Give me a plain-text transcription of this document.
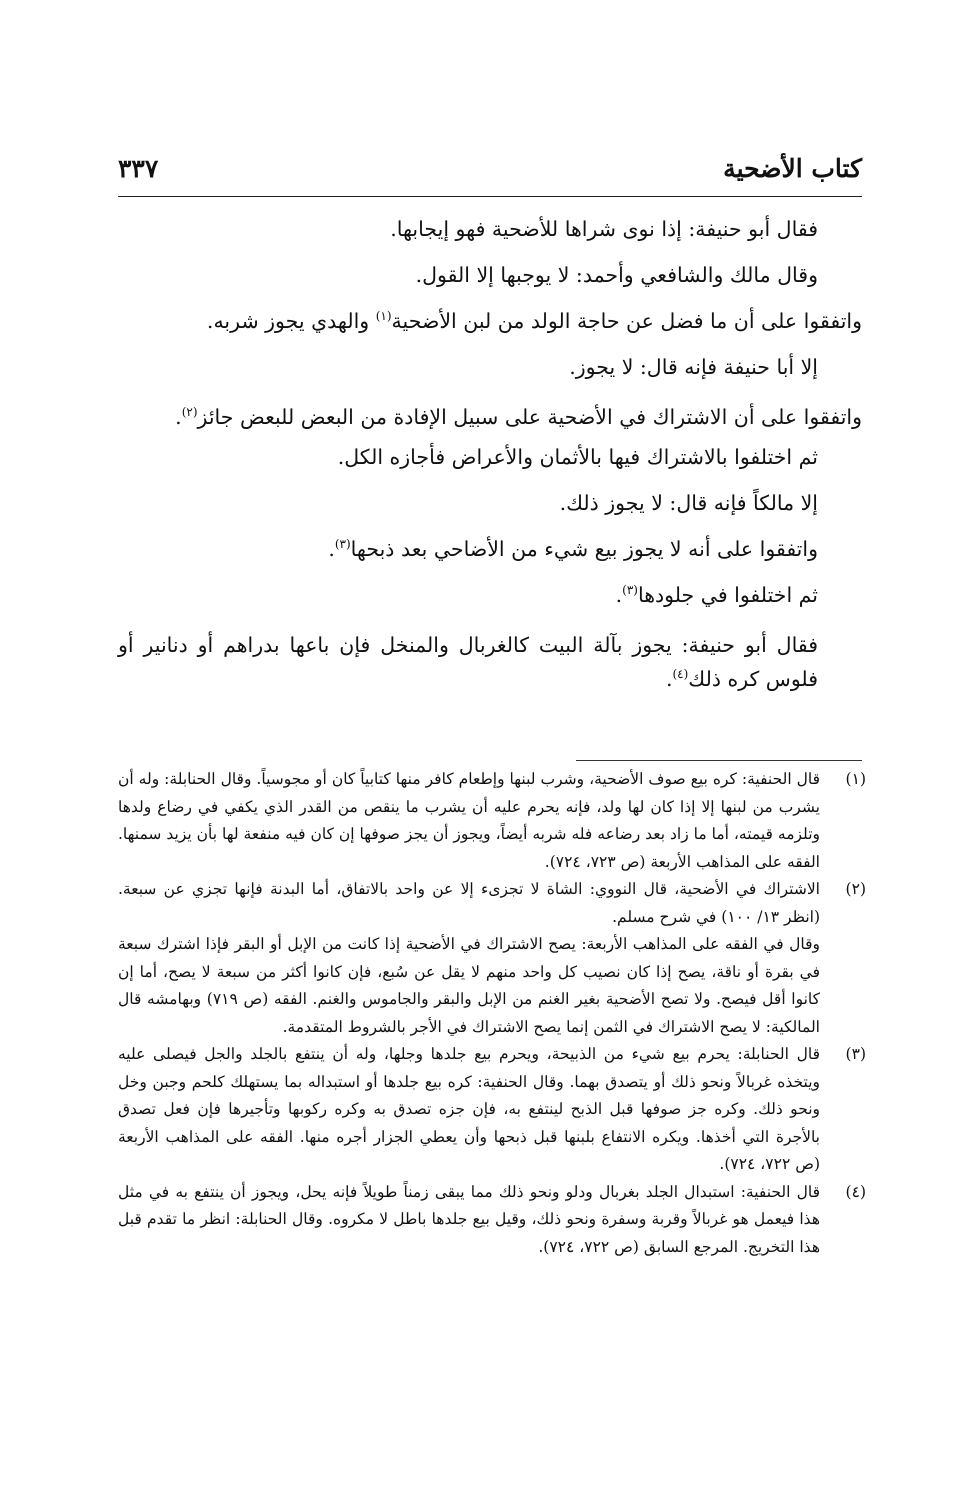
كتاب الأضحية
٣٣٧

فقال أبو حنيفة: إذا نوى شراها للأضحية فهو إيجابها.

وقال مالك والشافعي وأحمد: لا يوجبها إلا القول.

واتفقوا على أن ما فضل عن حاجة الولد من لبن الأضحية$^{(١)}$ والهدي يجوز شربه.

إلا أبا حنيفة فإنه قال: لا يجوز.

واتفقوا على أن الاشتراك في الأضحية على سبيل الإفادة من البعض للبعض جائز$^{(٢)}$.

ثم اختلفوا بالاشتراك فيها بالأثمان والأعراض فأجازه الكل.

إلا مالكاً فإنه قال: لا يجوز ذلك.

واتفقوا على أنه لا يجوز بيع شيء من الأضاحي بعد ذبحها$^{(٣)}$.

ثم اختلفوا في جلودها$^{(٣)}$.

فقال أبو حنيفة: يجوز بآلة البيت كالغربال والمنخل فإن باعها بدراهم أو دنانير أو فلوس كره ذلك$^{(٤)}$.

(١)

قال الحنفية: كره بيع صوف الأضحية، وشرب لبنها وإطعام كافر منها كتابياً كان أو مجوسياً. وقال الحنابلة: وله أن يشرب من لبنها إلا إذا كان لها ولد، فإنه يحرم عليه أن يشرب ما ينقص من القدر الذي يكفي في رضاع ولدها وتلزمه قيمته، أما ما زاد بعد رضاعه فله شربه أيضاً، ويجوز أن يجز صوفها إن كان فيه منفعة لها بأن يزيد سمنها. الفقه على المذاهب الأربعة (ص ٧٢٣، ٧٢٤).

(٢)

الاشتراك في الأضحية، قال النووي: الشاة لا تجزىء إلا عن واحد بالاتفاق، أما البدنة فإنها تجزي عن سبعة. (انظر ١٣/ ١٠٠) في شرح مسلم.

وقال في الفقه على المذاهب الأربعة: يصح الاشتراك في الأضحية إذا كانت من الإبل أو البقر فإذا اشترك سبعة في بقرة أو ناقة، يصح إذا كان نصيب كل واحد منهم لا يقل عن سُبع، فإن كانوا أكثر من سبعة لا يصح، أما إن كانوا أقل فيصح. ولا تصح الأضحية بغير الغنم من الإبل والبقر والجاموس والغنم. الفقه (ص ٧١٩) وبهامشه قال المالكية: لا يصح الاشتراك في الثمن إنما يصح الاشتراك في الأجر بالشروط المتقدمة.

(٣)

قال الحنابلة: يحرم بيع شيء من الذبيحة، ويحرم بيع جلدها وجلها، وله أن ينتفع بالجلد والجل فيصلى عليه ويتخذه غربالاً ونحو ذلك أو يتصدق بهما. وقال الحنفية: كره بيع جلدها أو استبداله بما يستهلك كلحم وجبن وخل ونحو ذلك. وكره جز صوفها قبل الذبح لينتفع به، فإن جزه تصدق به وكره ركوبها وتأجيرها فإن فعل تصدق بالأجرة التي أخذها. ويكره الانتفاع بلبنها قبل ذبحها وأن يعطي الجزار أجره منها. الفقه على المذاهب الأربعة (ص ٧٢٢، ٧٢٤).

(٤)

قال الحنفية: استبدال الجلد بغربال ودلو ونحو ذلك مما يبقى زمناً طويلاً فإنه يحل، ويجوز أن ينتفع به في مثل هذا فيعمل هو غربالاً وقربة وسفرة ونحو ذلك، وقيل بيع جلدها باطل لا مكروه. وقال الحنابلة: انظر ما تقدم قبل هذا التخريج. المرجع السابق (ص ٧٢٢، ٧٢٤).
